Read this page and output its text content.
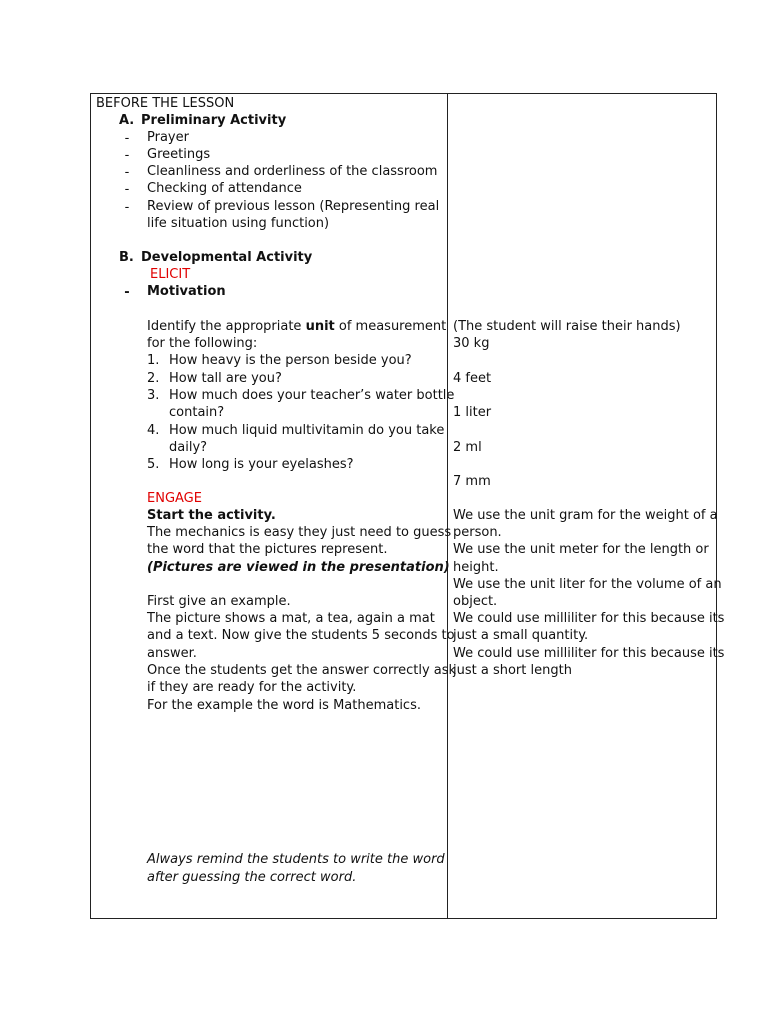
BEFORE THE LESSON
A. Preliminary Activity
- Prayer
- Greetings
- Cleanliness and orderliness of the classroom
- Checking of attendance
- Review of previous lesson (Representing real
life situation using function)
B. Developmental Activity
ELICIT
- Motivation
Identify the appropriate unit of measurement
for the following:
1. How heavy is the person beside you?
2. How tall are you?
3. How much does your teacher’s water bottle
contain?
4. How much liquid multivitamin do you take
daily?
5. How long is your eyelashes?
ENGAGE
Start the activity.
The mechanics is easy they just need to guess
the word that the pictures represent.
(Pictures are viewed in the presentation)
First give an example.
The picture shows a mat, a tea, again a mat
and a text. Now give the students 5 seconds to
answer.
Once the students get the answer correctly ask
if they are ready for the activity.
For the example the word is Mathematics.
Always remind the students to write the word
after guessing the correct word.
(The student will raise their hands)
30 kg
4 feet
1 liter
2 ml
7 mm
We use the unit gram for the weight of a
person.
We use the unit meter for the length or
height.
We use the unit liter for the volume of an
object.
We could use milliliter for this because its
just a small quantity.
We could use milliliter for this because its
just a short length
